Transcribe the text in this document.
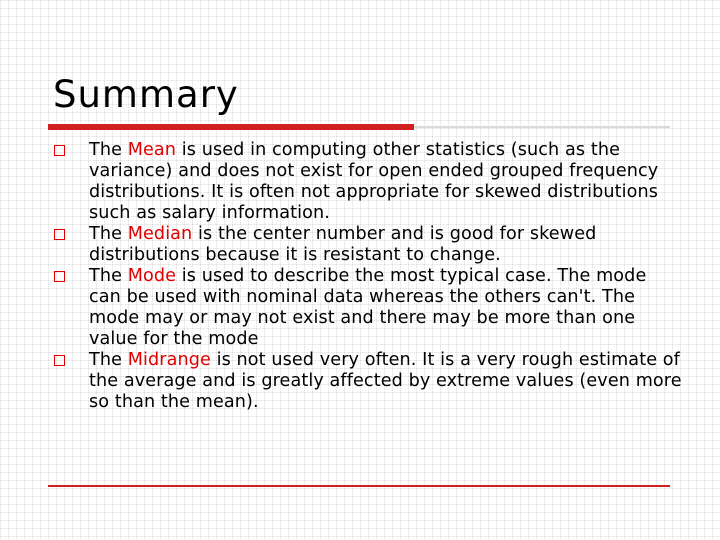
Summary
The Mean is used in computing other statistics (such as the variance) and does not exist for open ended grouped frequency distributions. It is often not appropriate for skewed distributions such as salary information.
The Median is the center number and is good for skewed distributions because it is resistant to change.
The Mode is used to describe the most typical case. The mode can be used with nominal data whereas the others can't. The mode may or may not exist and there may be more than one value for the mode
The Midrange is not used very often. It is a very rough estimate of the average and is greatly affected by extreme values (even more so than the mean).
